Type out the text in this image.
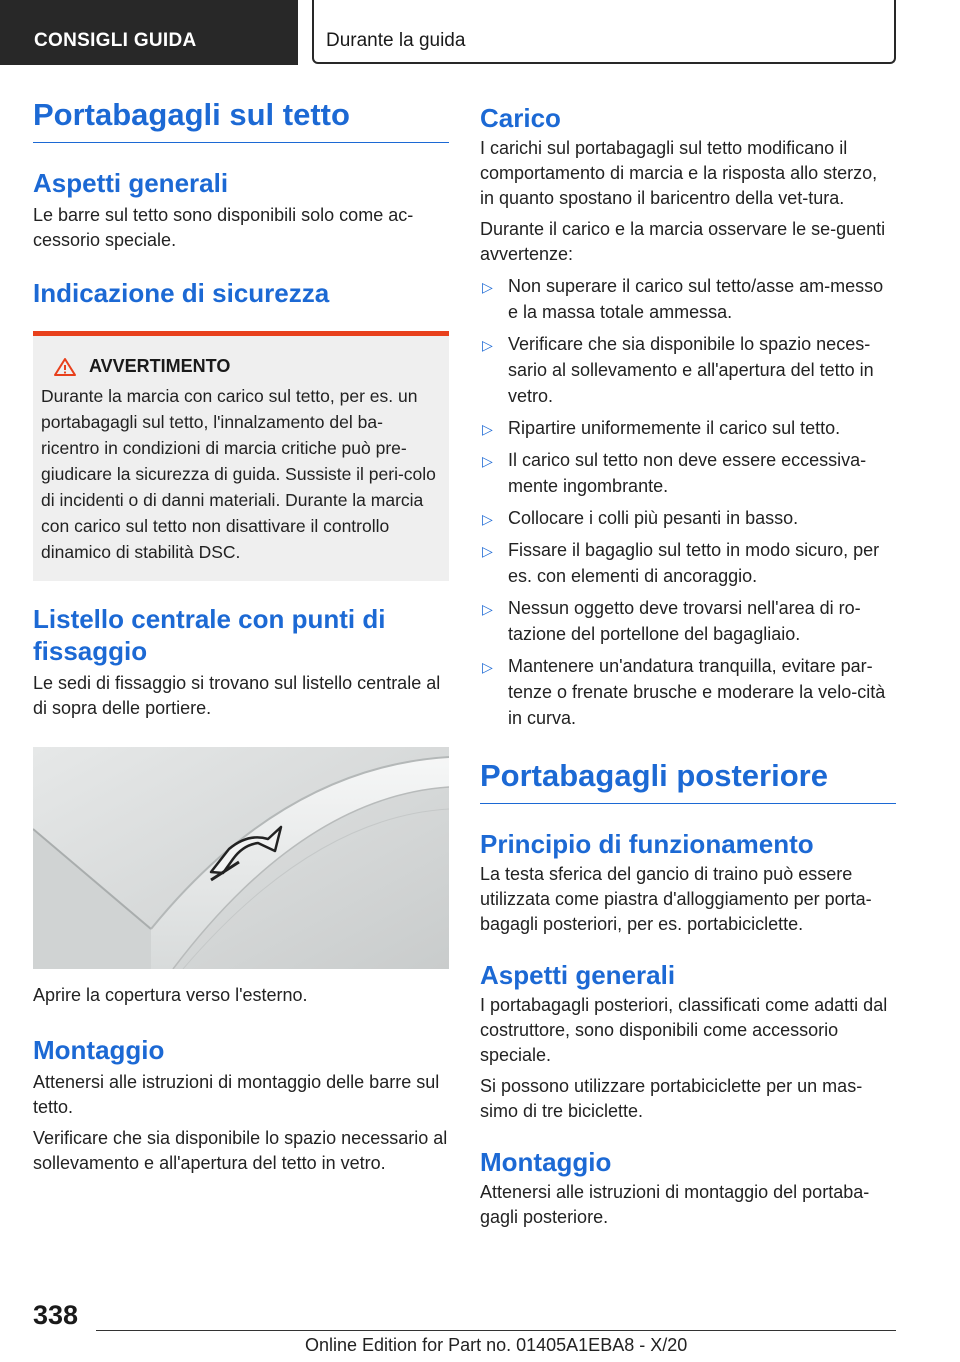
CONSIGLI GUIDA	Durante la guida
Portabagagli sul tetto
Aspetti generali

Le barre sul tetto sono disponibili solo come ac-cessorio speciale.

Indicazione di sicurezza
AVVERTIMENTO

Durante la marcia con carico sul tetto, per es. un portabagagli sul tetto, l'innalzamento del ba-ricentro in condizioni di marcia critiche può pre-giudicare la sicurezza di guida. Sussiste il peri-colo di incidenti o di danni materiali. Durante la marcia con carico sul tetto non disattivare il controllo dinamico di stabilità DSC.

Listello centrale con punti di fissaggio

Le sedi di fissaggio si trovano sul listello centrale al di sopra delle portiere.

Aprire la copertura verso l'esterno.

Montaggio

Attenersi alle istruzioni di montaggio delle barre sul tetto.

Verificare che sia disponibile lo spazio necessario al sollevamento e all'apertura del tetto in vetro.

Carico

I carichi sul portabagagli sul tetto modificano il comportamento di marcia e la risposta allo sterzo, in quanto spostano il baricentro della vet-tura.

Durante il carico e la marcia osservare le se-guenti avvertenze:

▷ Non superare il carico sul tetto/asse am-messo e la massa totale ammessa.
▷ Verificare che sia disponibile lo spazio neces-sario al sollevamento e all'apertura del tetto in vetro.
▷ Ripartire uniformemente il carico sul tetto.
▷ Il carico sul tetto non deve essere eccessiva-mente ingombrante.
▷ Collocare i colli più pesanti in basso.
▷ Fissare il bagaglio sul tetto in modo sicuro, per es. con elementi di ancoraggio.
▷ Nessun oggetto deve trovarsi nell'area di ro-tazione del portellone del bagagliaio.
▷ Mantenere un'andatura tranquilla, evitare par-tenze o frenate brusche e moderare la velo-cità in curva.
Portabagagli posteriore
Principio di funzionamento

La testa sferica del gancio di traino può essere utilizzata come piastra d'alloggiamento per porta-bagagli posteriori, per es. portabiciclette.

Aspetti generali

I portabagagli posteriori, classificati come adatti dal costruttore, sono disponibili come accessorio speciale.

Si possono utilizzare portabiciclette per un mas-simo di tre biciclette.

Montaggio

Attenersi alle istruzioni di montaggio del portaba-gagli posteriore.

338
Online Edition for Part no. 01405A1EBA8 - X/20
